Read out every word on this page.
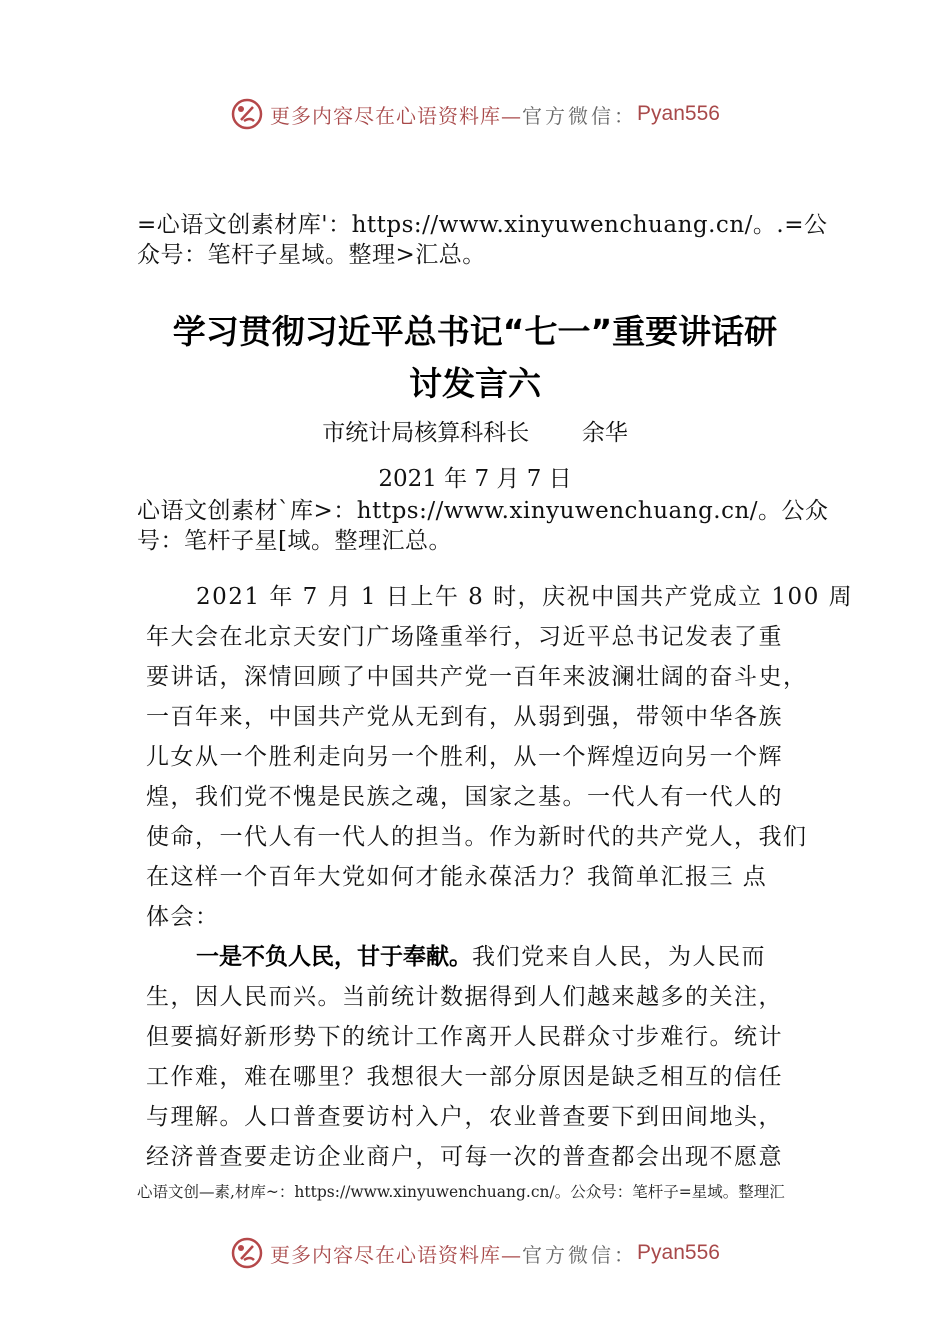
更多内容尽在心语资料库— 官方微信： Pyan556
=心语文创素材库'：https://www.xinyuwenchuang.cn/。.=公
众号：笔杆子星域。整理>汇总。
学习贯彻习近平总书记“七一”重要讲话研
讨发言六
市统计局核算科科长 余华
2021 年 7 月 7 日
心语文创素材`库>：https://www.xinyuwenchuang.cn/。公众
号：笔杆子星[域。整理汇总。
2021 年 7 月 1 日上午 8 时，庆祝中国共产党成立 100 周
年大会在北京天安门广场隆重举行，习近平总书记发表了重
要讲话，深情回顾了中国共产党一百年来波澜壮阔的奋斗史，
一百年来，中国共产党从无到有，从弱到强，带领中华各族
儿女从一个胜利走向另一个胜利，从一个辉煌迈向另一个辉
煌，我们党不愧是民族之魂，国家之基。一代人有一代人的
使命，一代人有一代人的担当。作为新时代的共产党人，我们
在这样一个百年大党如何才能永葆活力？我简单汇报三 点
体会：
一是不负人民，甘于奉献。我们党来自人民，为人民而
生，因人民而兴。当前统计数据得到人们越来越多的关注，
但要搞好新形势下的统计工作离开人民群众寸步难行。统计
工作难，难在哪里？我想很大一部分原因是缺乏相互的信任
与理解。人口普查要访村入户，农业普查要下到田间地头，
经济普查要走访企业商户，可每一次的普查都会出现不愿意
心语文创—素,材库~：https://www.xinyuwenchuang.cn/。公众号：笔杆子=星域。整理汇
更多内容尽在心语资料库— 官方微信： Pyan556
